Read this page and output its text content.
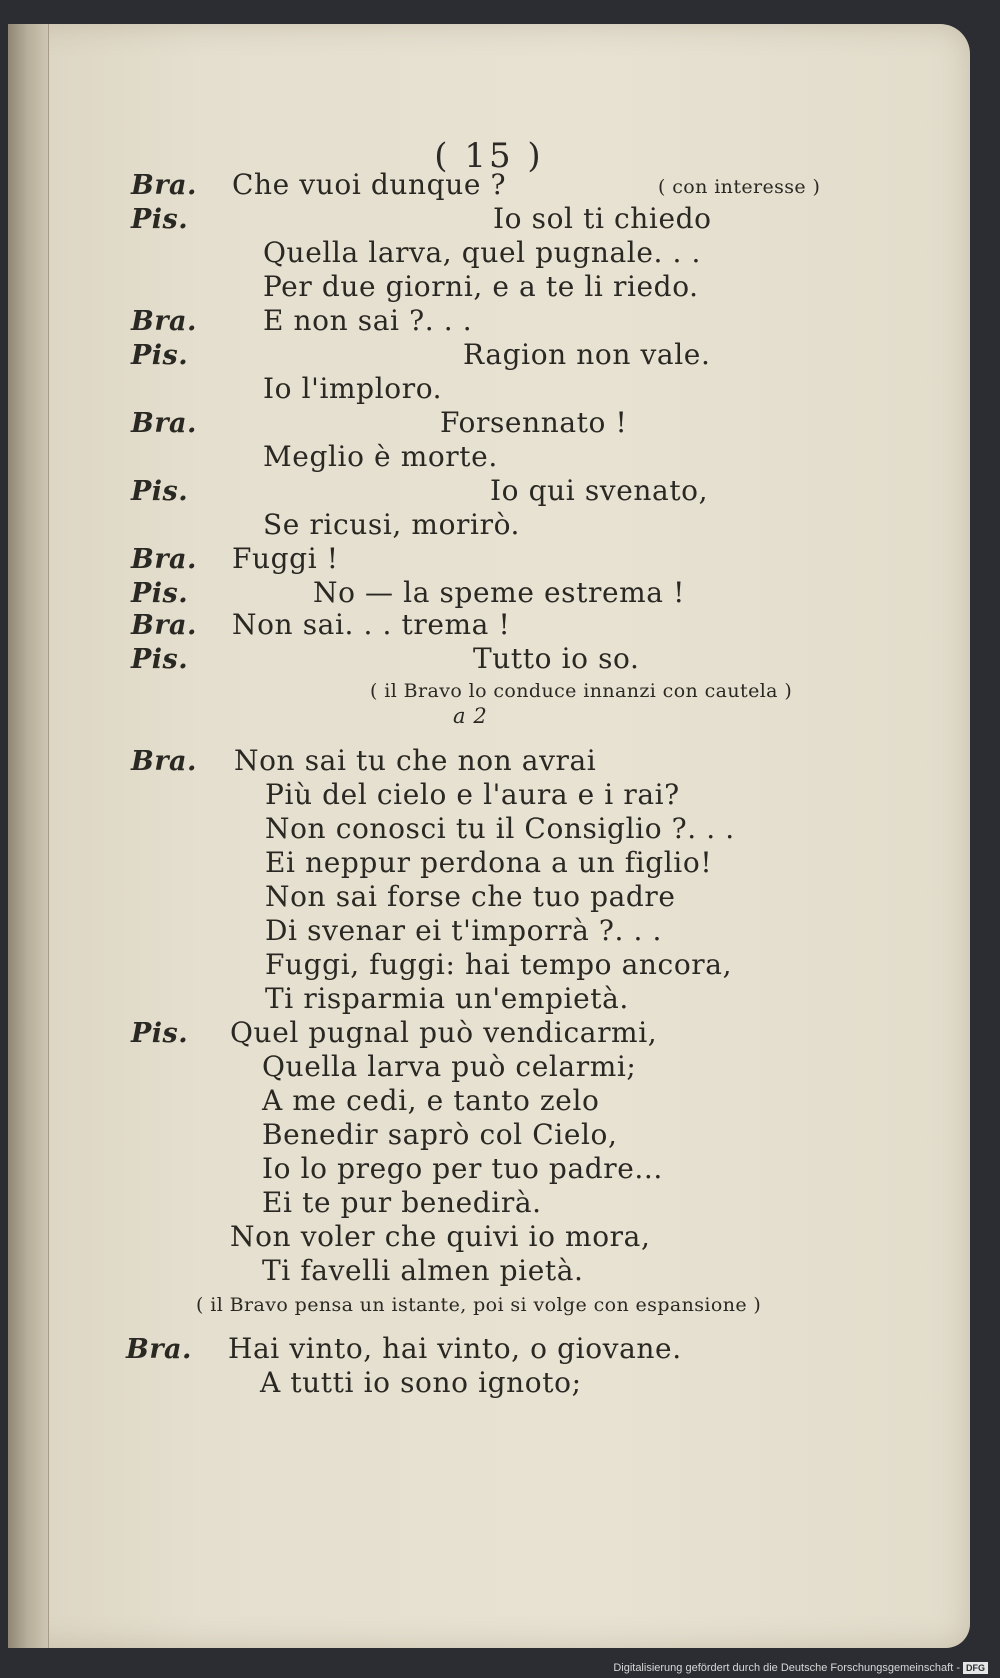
( 15 )
Bra. Che vuoi dunque ?	( con interesse )
Pis.	Io sol ti chiedo
Quella larva, quel pugnale. . .
Per due giorni, e a te li riedo.
Bra. E non sai ?. . .
Pis.	Ragion non vale.
Io l'imploro.
Bra.	Forsennato !
Meglio è morte.
Pis.	Io qui svenato,
Se ricusi, morirò.
Bra. Fuggi !
Pis.	No — la speme estrema !
Bra. Non sai. . . trema !
Pis.	Tutto io so.
( il Bravo lo conduce innanzi con cautela )
a 2
Bra. Non sai tu che non avrai
Più del cielo e l'aura e i rai?
Non conosci tu il Consiglio ?. . .
Ei neppur perdona a un figlio!
Non sai forse che tuo padre
Di svenar ei t'imporrà ?. . .
Fuggi, fuggi: hai tempo ancora,
Ti risparmia un'empietà.
Pis. Quel pugnal può vendicarmi,
Quella larva può celarmi;
A me cedi, e tanto zelo
Benedir saprò col Cielo,
Io lo prego per tuo padre...
Ei te pur benedirà.
Non voler che quivi io mora,
Ti favelli almen pietà.
( il Bravo pensa un istante, poi si volge con espansione )
Bra. Hai vinto, hai vinto, o giovane.
A tutti io sono ignoto;
Digitalisierung gefördert durch die Deutsche Forschungsgemeinschaft - DFG
